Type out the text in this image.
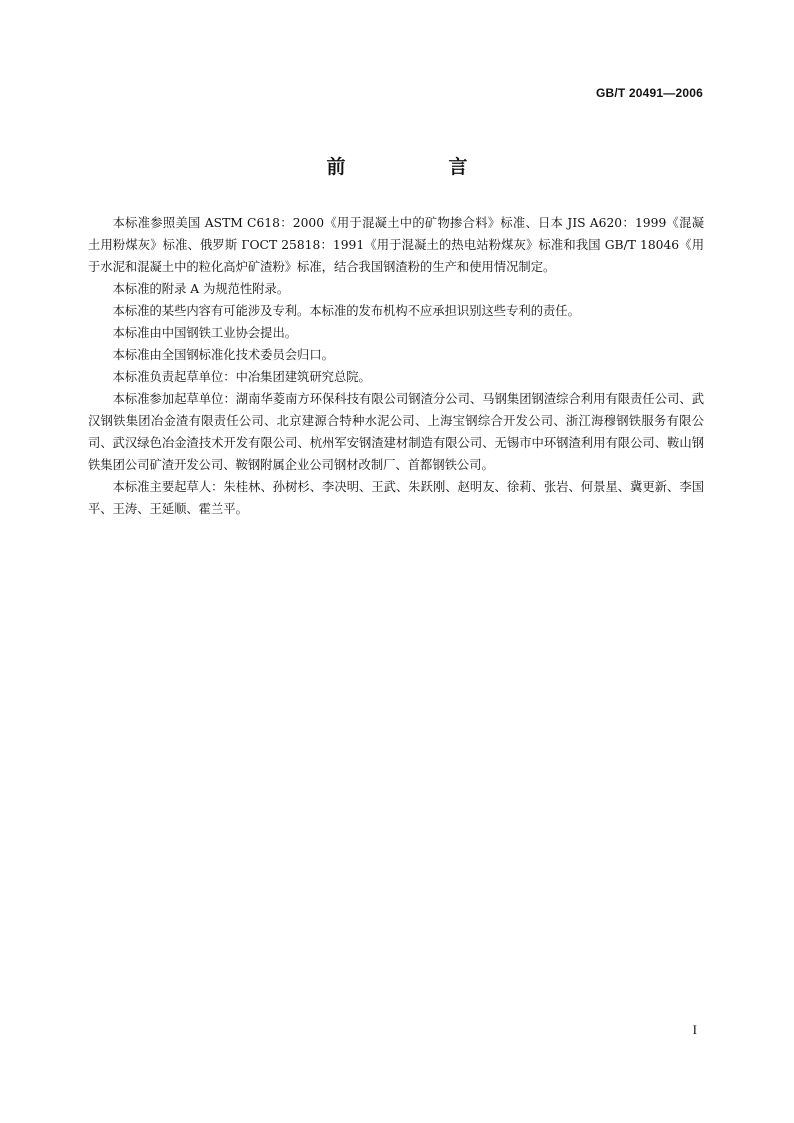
GB/T 20491—2006
前　言

本标准参照美国 ASTM C618：2000《用于混凝土中的矿物掺合料》标准、日本 JIS A620：1999《混凝土用粉煤灰》标准、俄罗斯 ГОСТ 25818：1991《用于混凝土的热电站粉煤灰》标准和我国 GB/T 18046《用于水泥和混凝土中的粒化高炉矿渣粉》标准，结合我国钢渣粉的生产和使用情况制定。

本标准的附录 A 为规范性附录。

本标准的某些内容有可能涉及专利。本标准的发布机构不应承担识别这些专利的责任。

本标准由中国钢铁工业协会提出。

本标准由全国钢标准化技术委员会归口。

本标准负责起草单位：中冶集团建筑研究总院。

本标准参加起草单位：湖南华菱南方环保科技有限公司钢渣分公司、马钢集团钢渣综合利用有限责任公司、武汉钢铁集团冶金渣有限责任公司、北京建源合特种水泥公司、上海宝钢综合开发公司、浙江海穆钢铁服务有限公司、武汉绿色冶金渣技术开发有限公司、杭州军安钢渣建材制造有限公司、无锡市中环钢渣利用有限公司、鞍山钢铁集团公司矿渣开发公司、鞍钢附属企业公司钢材改制厂、首都钢铁公司。

本标准主要起草人：朱桂林、孙树杉、李决明、王武、朱跃刚、赵明友、徐莉、张岩、何景星、冀更新、李国平、王涛、王延顺、霍兰平。

I
